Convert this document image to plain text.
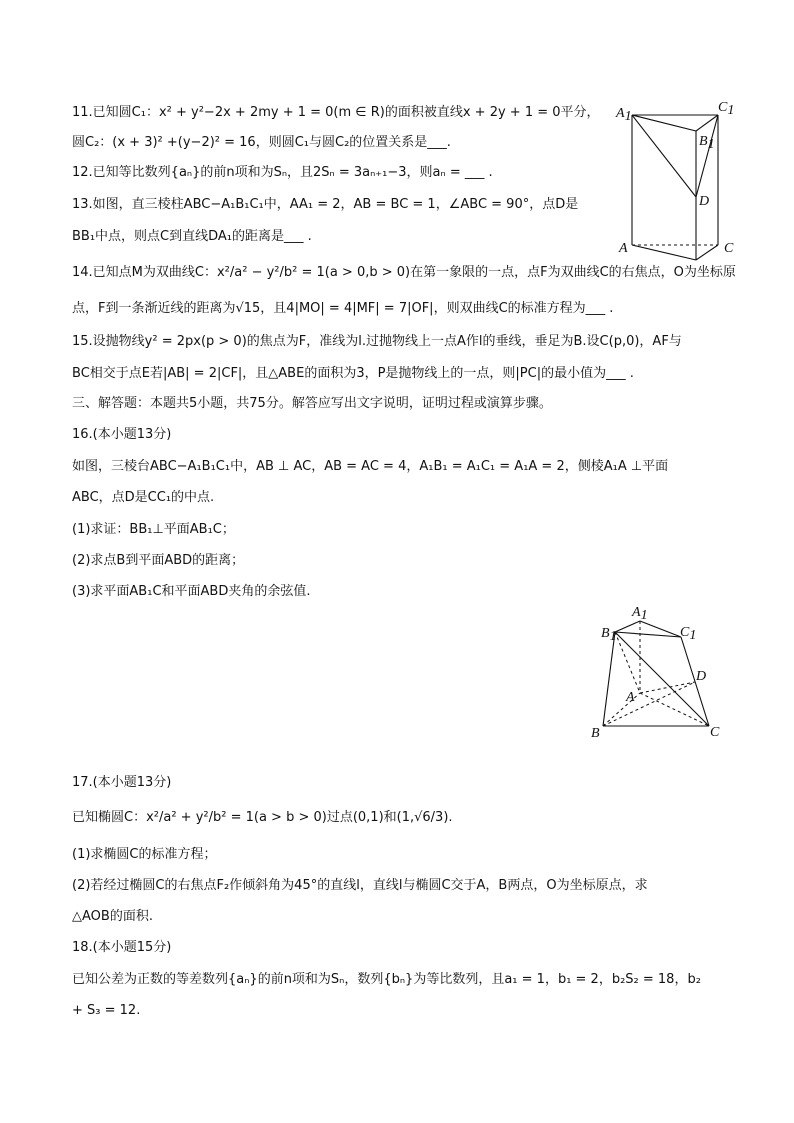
11.已知圆C₁：x² + y²−2x + 2my + 1 = 0(m ∈ R)的面积被直线x + 2y + 1 = 0平分，
圆C₂：(x + 3)² +(y−2)² = 16，则圆C₁与圆C₂的位置关系是___.
12.已知等比数列{aₙ}的前n项和为Sₙ，且2Sₙ = 3aₙ₊₁−3，则aₙ = ___ .
13.如图，直三棱柱ABC−A₁B₁C₁中，AA₁ = 2，AB = BC = 1，∠ABC = 90°，点D是
BB₁中点，则点C到直线DA₁的距离是___ .
14.已知点M为双曲线C：x²/a² − y²/b² = 1(a > 0,b > 0)在第一象限的一点，点F为双曲线C的右焦点，O为坐标原
点，F到一条渐近线的距离为√15，且4|MO| = 4|MF| = 7|OF|，则双曲线C的标准方程为___ .
15.设抛物线y² = 2px(p > 0)的焦点为F，准线为l.过抛物线上一点A作l的垂线，垂足为B.设C(p,0)，AF与
BC相交于点E若|AB| = 2|CF|，且△ABE的面积为3，P是抛物线上的一点，则|PC|的最小值为___ .
三、解答题：本题共5小题，共75分。解答应写出文字说明，证明过程或演算步骤。
16.(本小题13分)
如图，三棱台ABC−A₁B₁C₁中，AB ⊥ AC，AB = AC = 4，A₁B₁ = A₁C₁ = A₁A = 2，侧棱A₁A ⊥平面
ABC，点D是CC₁的中点.
(1)求证：BB₁⊥平面AB₁C；
(2)求点B到平面ABD的距离；
(3)求平面AB₁C和平面ABD夹角的余弦值.
17.(本小题13分)
已知椭圆C：x²/a² + y²/b² = 1(a > b > 0)过点(0,1)和(1,√6/3).
(1)求椭圆C的标准方程；
(2)若经过椭圆C的右焦点F₂作倾斜角为45°的直线l，直线l与椭圆C交于A，B两点，O为坐标原点，求
△AOB的面积.
18.(本小题15分)
已知公差为正数的等差数列{aₙ}的前n项和为Sₙ，数列{bₙ}为等比数列，且a₁ = 1，b₁ = 2，b₂S₂ = 18，b₂
+ S₃ = 12.
A1
C1
B1
D
A	C
A1
B1	C1
D
A
B	C
